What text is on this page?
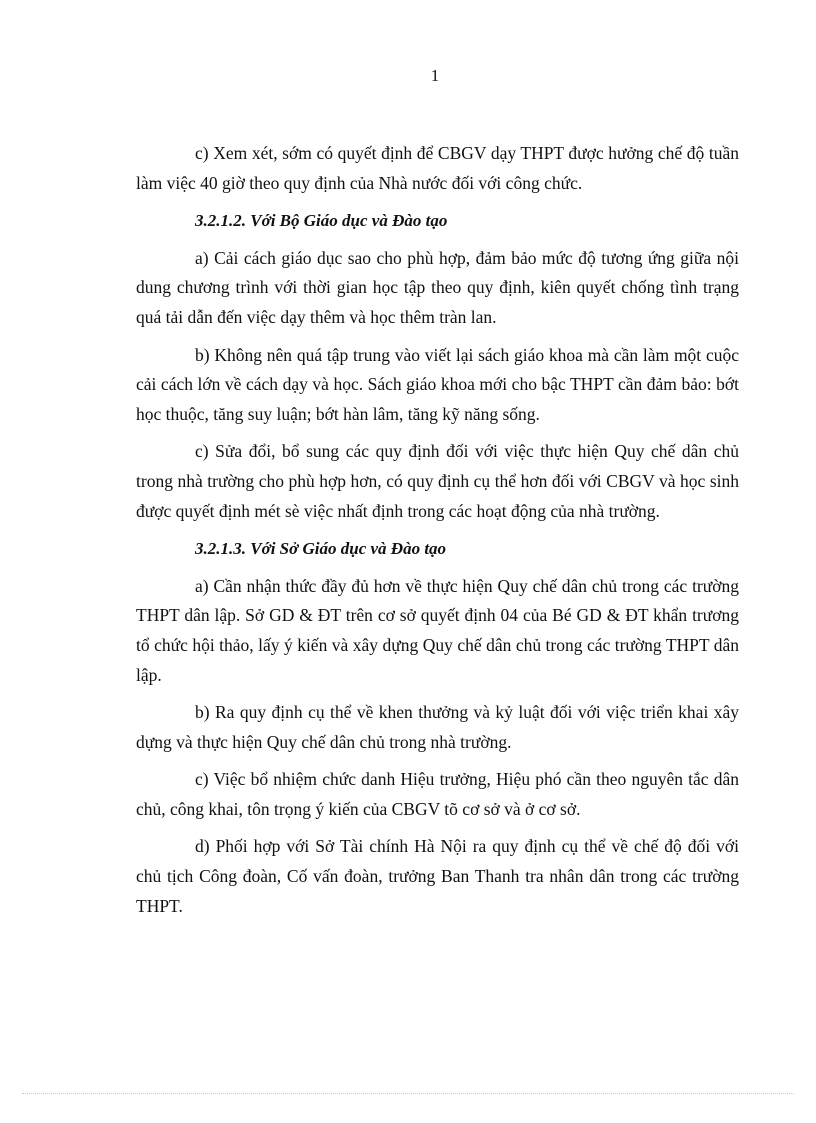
1

c) Xem xét, sớm có quyết định để CBGV dạy THPT được hưởng chế độ tuần làm việc 40 giờ theo quy định của Nhà nước đối với công chức.

3.2.1.2. Với Bộ Giáo dục và Đào tạo

a) Cải cách giáo dục sao cho phù hợp, đảm bảo mức độ tương ứng giữa nội dung chương trình với thời gian học tập theo quy định, kiên quyết chống tình trạng quá tải dẫn đến việc dạy thêm và học thêm tràn lan.

b) Không nên quá tập trung vào viết lại sách giáo khoa mà cần làm một cuộc cải cách lớn về cách dạy và học. Sách giáo khoa mới cho bậc THPT cần đảm bảo: bớt học thuộc, tăng suy luận; bớt hàn lâm, tăng kỹ năng sống.

c) Sửa đổi, bổ sung các quy định đối với việc thực hiện Quy chế dân chủ trong nhà trường cho phù hợp hơn, có quy định cụ thể hơn đối với CBGV và học sinh được quyết định mét sè việc nhất định trong các hoạt động của nhà trường.

3.2.1.3. Với Sở Giáo dục và Đào tạo

a) Cần nhận thức đầy đủ hơn về thực hiện Quy chế dân chủ trong các trường THPT dân lập. Sở GD & ĐT trên cơ sở quyết định 04 của Bé GD & ĐT khẩn trương tổ chức hội thảo, lấy ý kiến và xây dựng Quy chế dân chủ trong các trường THPT dân lập.

b) Ra quy định cụ thể về khen thưởng và kỷ luật đối với việc triển khai xây dựng và thực hiện Quy chế dân chủ trong nhà trường.

c) Việc bổ nhiệm chức danh Hiệu trưởng, Hiệu phó cần theo nguyên tắc dân chủ, công khai, tôn trọng ý kiến của CBGV tõ cơ sở và ở cơ sở.

d) Phối hợp với Sở Tài chính Hà Nội ra quy định cụ thể về chế độ đối với chủ tịch Công đoàn, Cố vấn đoàn, trưởng Ban Thanh tra nhân dân trong các trường THPT.
